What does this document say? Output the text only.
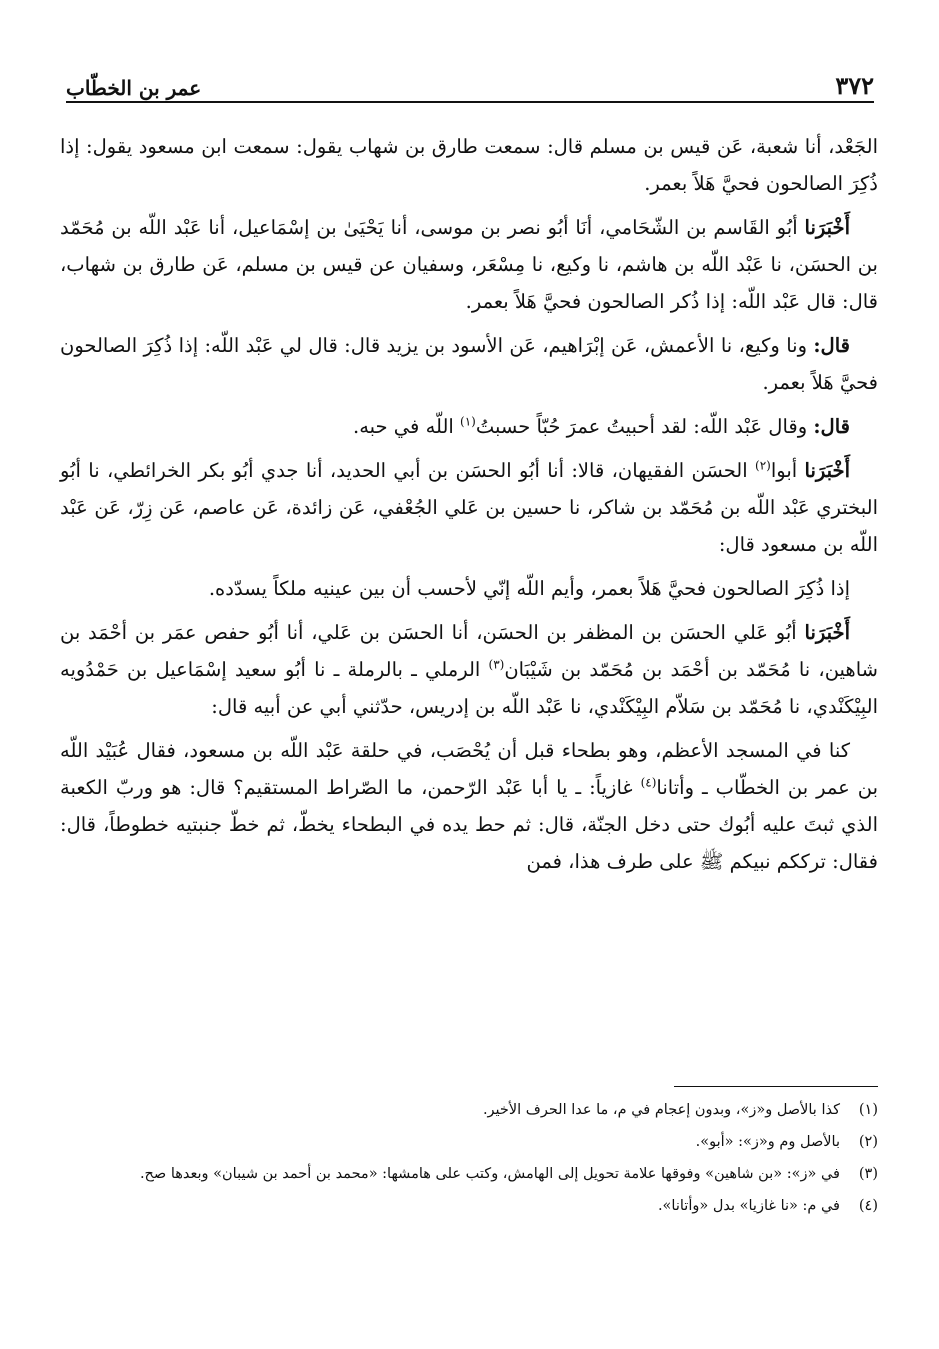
٣٧٢
عمر بن الخطّاب

الجَعْد، أنا شعبة، عَن قيس بن مسلم قال: سمعت طارق بن شهاب يقول: سمعت ابن مسعود يقول: إذا ذُكِرَ الصالحون فحيَّ هَلاً بعمر.

أَخْبَرَنا أبُو القَاسم بن الشّحَامي، أنَا أبُو نصر بن موسى، أنا يَحْيَىٰ بن إسْمَاعيل، أنا عَبْد اللّه بن مُحَمّد بن الحسَن، نا عَبْد اللّه بن هاشم، نا وكيع، نا مِسْعَر، وسفيان عن قيس بن مسلم، عَن طارق بن شهاب، قال: قال عَبْد اللّه: إذا ذُكر الصالحون فحيَّ هَلاً بعمر.

قال: ونا وكيع، نا الأعمش، عَن إبْرَاهيم، عَن الأسود بن يزيد قال: قال لي عَبْد اللّه: إذا ذُكِرَ الصالحون فحيَّ هَلاً بعمر.

قال: وقال عَبْد اللّه: لقد أحبيتُ عمرَ حُبّاً حسبتُ$^{(١)}$ اللّه في حبه.

أَخْبَرَنا أبوا$^{(٢)}$ الحسَن الفقيهان، قالا: أنا أبُو الحسَن بن أبي الحديد، أنا جدي أبُو بكر الخرائطي، نا أبُو البختري عَبْد اللّه بن مُحَمّد بن شاكر، نا حسين بن عَلي الجُعْفي، عَن زائدة، عَن عاصم، عَن زِرّ، عَن عَبْد اللّه بن مسعود قال:

إذا ذُكِرَ الصالحون فحيَّ هَلاً بعمر، وأيم اللّه إنّي لأحسب أن بين عينيه ملكاً يسدّده.

أَخْبَرَنا أبُو عَلي الحسَن بن المظفر بن الحسَن، أنا الحسَن بن عَلي، أنا أبُو حفص عمَر بن أحْمَد بن شاهين، نا مُحَمّد بن أحْمَد بن مُحَمّد بن شَيْبَان$^{(٣)}$ الرملي ـ بالرملة ـ نا أبُو سعيد إسْمَاعيل بن حَمْدُويه البِيْكَنْدي، نا مُحَمّد بن سَلاّم البِيْكَنْدي، نا عَبْد اللّه بن إدريس، حدّثني أبي عن أبيه قال:

كنا في المسجد الأعظم، وهو بطحاء قبل أن يُحْصَب، في حلقة عَبْد اللّه بن مسعود، فقال عُبَيْد اللّه بن عمر بن الخطّاب ـ وأتانا$^{(٤)}$ غازياً: ـ يا أبا عَبْد الرّحمن، ما الصّراط المستقيم؟ قال: هو وربّ الكعبة الذي ثبتَ عليه أبُوك حتى دخل الجنّة، قال: ثم حط يده في البطحاء يخطّ، ثم خطّ جنبتيه خطوطاً، قال: فقال: ترككم نبيكم ﷺ على طرف هذا، فمن

(١)
كذا بالأصل و«ز»، وبدون إعجام في م، ما عدا الحرف الأخير.
(٢)
بالأصل وم و«ز»: «أبو».
(٣)
في «ز»: «بن شاهين» وفوقها علامة تحويل إلى الهامش، وكتب على هامشها: «محمد بن أحمد بن شيبان» وبعدها صح.
(٤)
في م: «نا غازيا» بدل «وأتانا».
